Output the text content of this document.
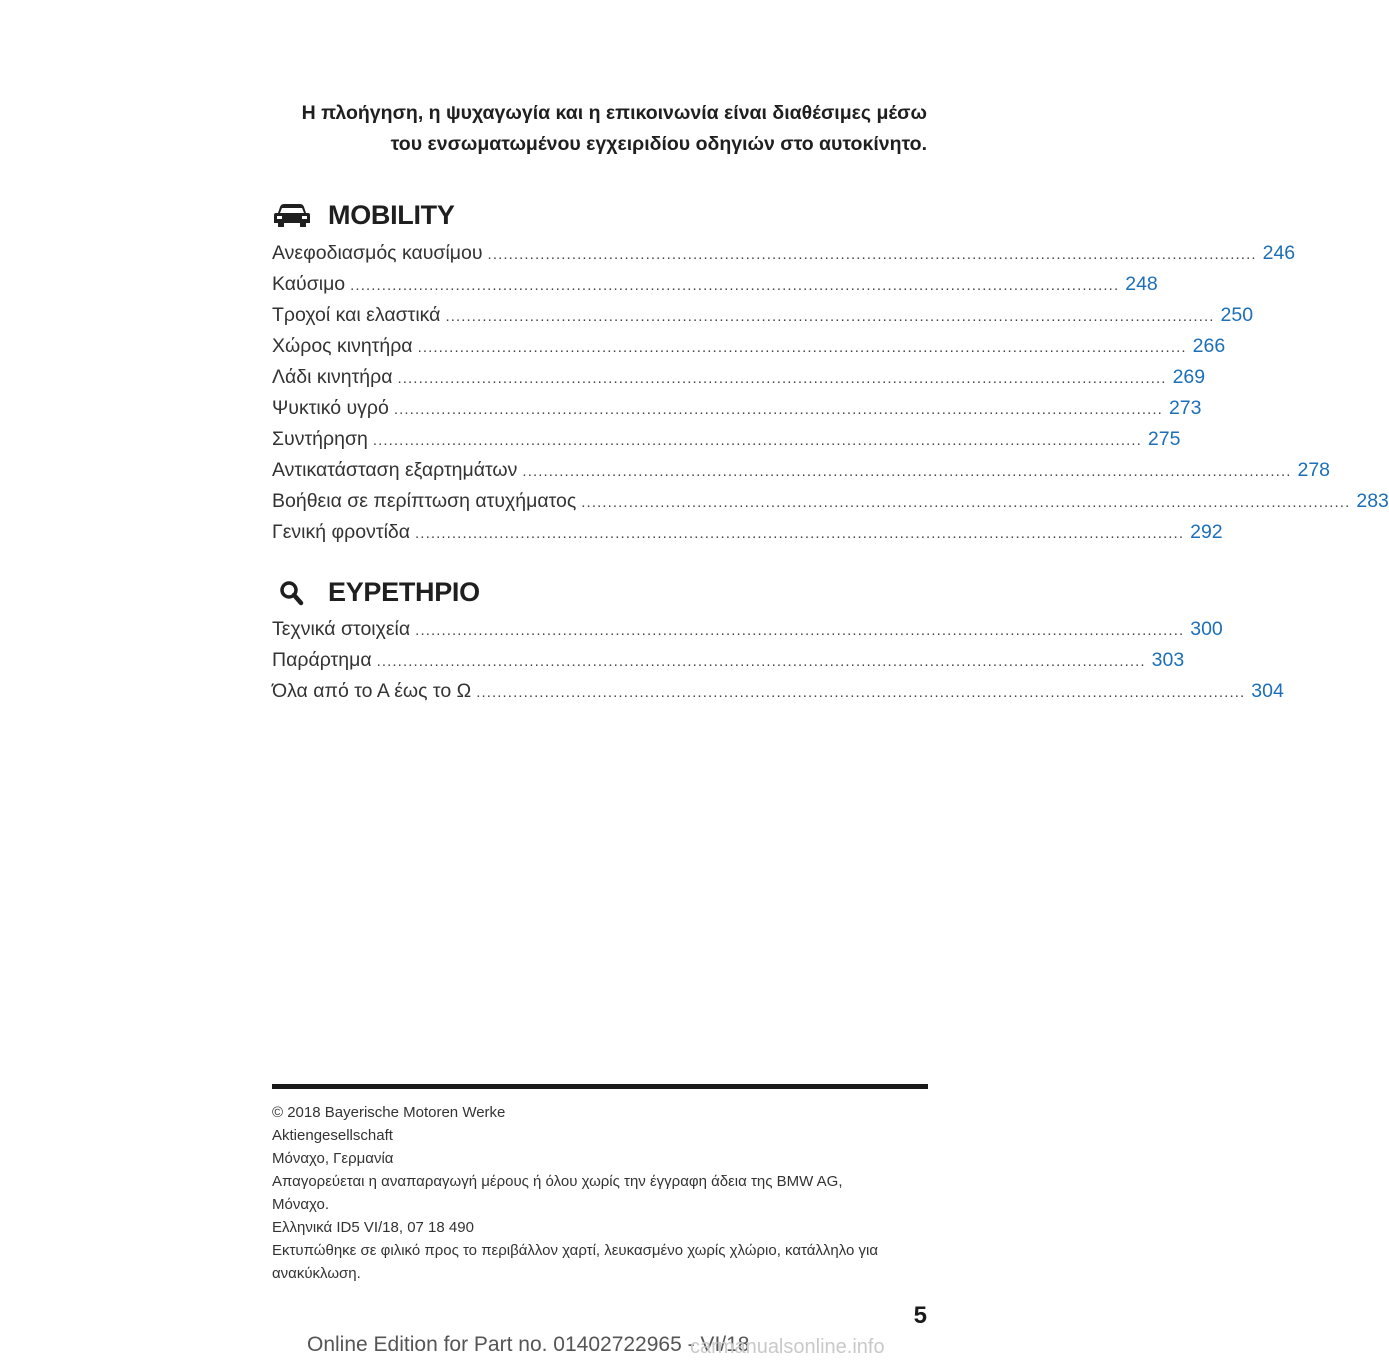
Η πλοήγηση, η ψυχαγωγία και η επικοινωνία είναι διαθέσιμες μέσω
του ενσωματωμένου εγχειριδίου οδηγιών στο αυτοκίνητο.
MOBILITY
Ανεφοδιασμός καυσίμου .................................................................................................................................................. 246
Καύσιμο .................................................................................................................................................. 248
Τροχοί και ελαστικά .................................................................................................................................................. 250
Χώρος κινητήρα .................................................................................................................................................. 266
Λάδι κινητήρα .................................................................................................................................................. 269
Ψυκτικό υγρό .................................................................................................................................................. 273
Συντήρηση .................................................................................................................................................. 275
Αντικατάσταση εξαρτημάτων .................................................................................................................................................. 278
Βοήθεια σε περίπτωση ατυχήματος .................................................................................................................................................. 283
Γενική φροντίδα .................................................................................................................................................. 292
ΕΥΡΕΤΗΡΙΟ
Τεχνικά στοιχεία .................................................................................................................................................. 300
Παράρτημα .................................................................................................................................................. 303
Όλα από το Α έως το Ω .................................................................................................................................................. 304
© 2018 Bayerische Motoren Werke
Aktiengesellschaft
Μόναχο, Γερμανία
Απαγορεύεται η αναπαραγωγή μέρους ή όλου χωρίς την έγγραφη άδεια της BMW AG,
Μόναχο.
Ελληνικά ID5 VI/18, 07 18 490
Εκτυπώθηκε σε φιλικό προς το περιβάλλον χαρτί, λευκασμένο χωρίς χλώριο, κατάλληλο για
ανακύκλωση.
5
Online Edition for Part no. 01402722965 - VI/18
carmanualsonline.info
